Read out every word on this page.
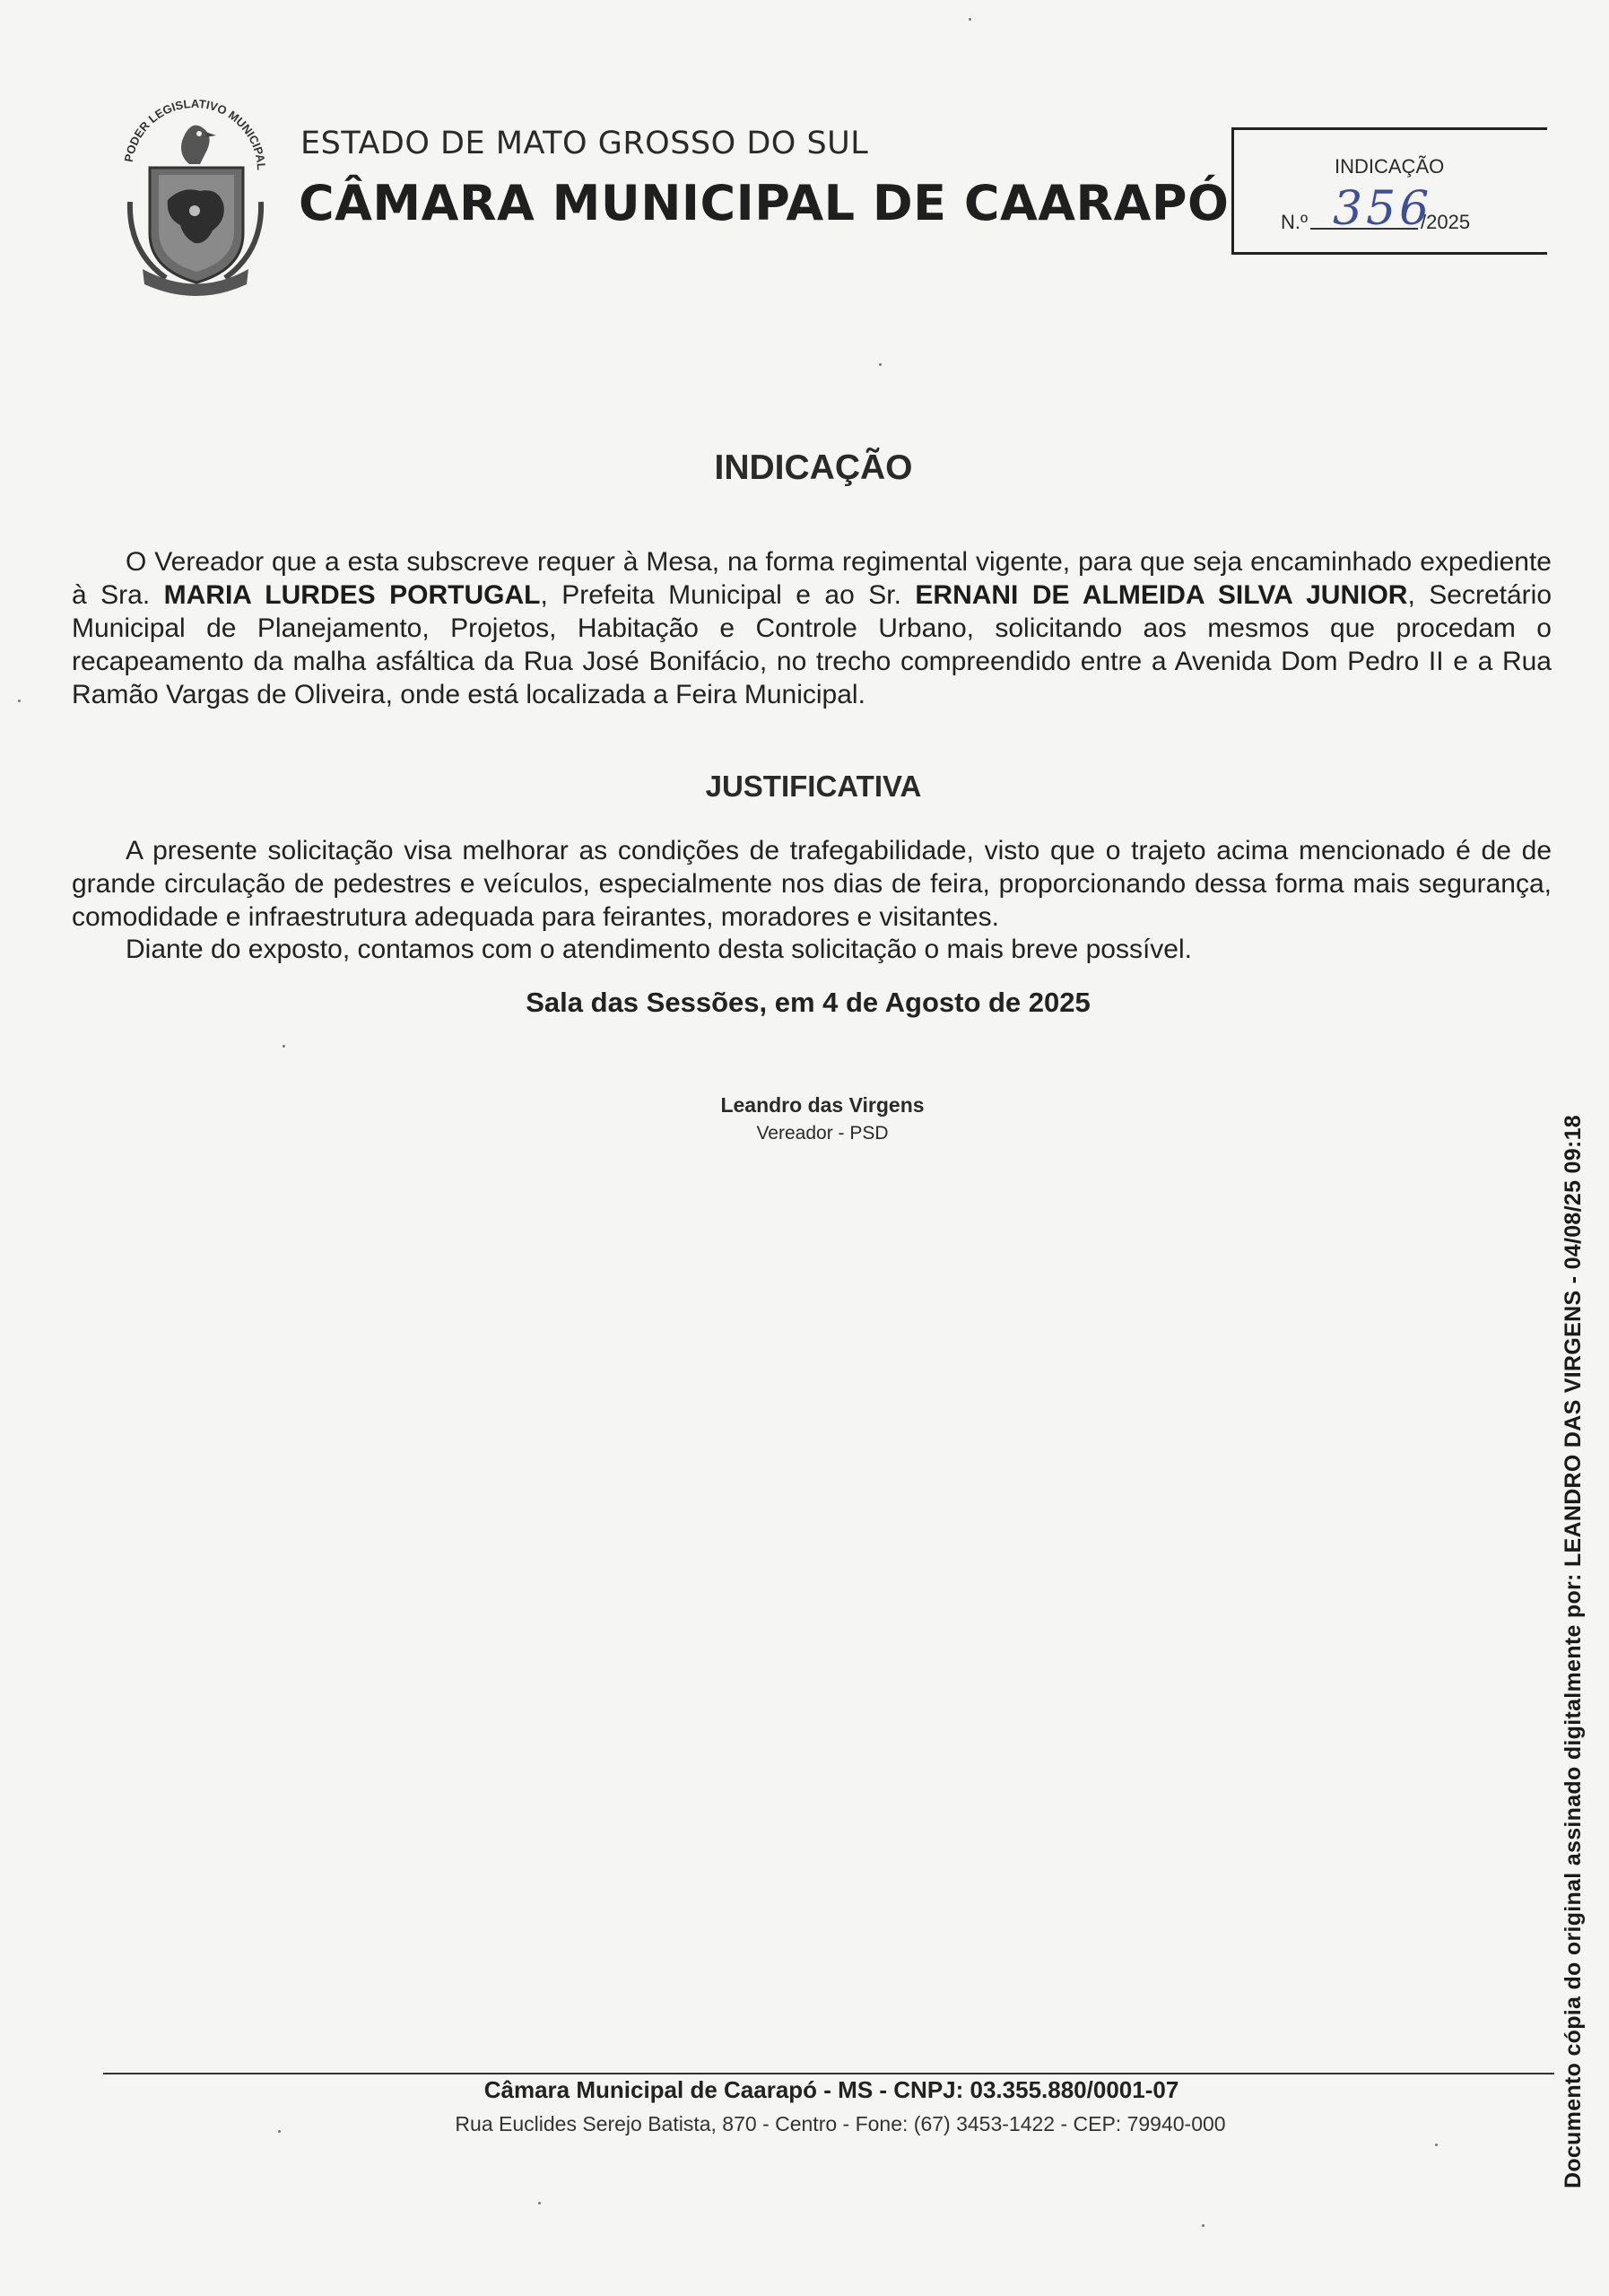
PODER LEGISLATIVO MUNICIPAL
ESTADO DE MATO GROSSO DO SUL
CÂMARA MUNICIPAL DE CAARAPÓ
INDICAÇÃO
N.º 356
/2025
INDICAÇÃO
O Vereador que a esta subscreve requer à Mesa, na forma regimental vigente, para que seja encaminhado expediente à Sra. MARIA LURDES PORTUGAL, Prefeita Municipal e ao Sr. ERNANI DE ALMEIDA SILVA JUNIOR, Secretário Municipal de Planejamento, Projetos, Habitação e Controle Urbano, solicitando aos mesmos que procedam o recapeamento da malha asfáltica da Rua José Bonifácio, no trecho compreendido entre a Avenida Dom Pedro II e a Rua Ramão Vargas de Oliveira, onde está localizada a Feira Municipal.
JUSTIFICATIVA
A presente solicitação visa melhorar as condições de trafegabilidade, visto que o trajeto acima mencionado é de de grande circulação de pedestres e veículos, especialmente nos dias de feira, proporcionando dessa forma mais segurança, comodidade e infraestrutura adequada para feirantes, moradores e visitantes.
Diante do exposto, contamos com o atendimento desta solicitação o mais breve possível.
Sala das Sessões, em 4 de Agosto de 2025
Leandro das Virgens
Vereador - PSD	Documento cópia do original assinado digitalmente por: LEANDRO DAS VIRGENS - 04/08/25 09:18
Câmara Municipal de Caarapó - MS - CNPJ: 03.355.880/0001-07
Rua Euclides Serejo Batista, 870 - Centro - Fone: (67) 3453-1422 - CEP: 79940-000
